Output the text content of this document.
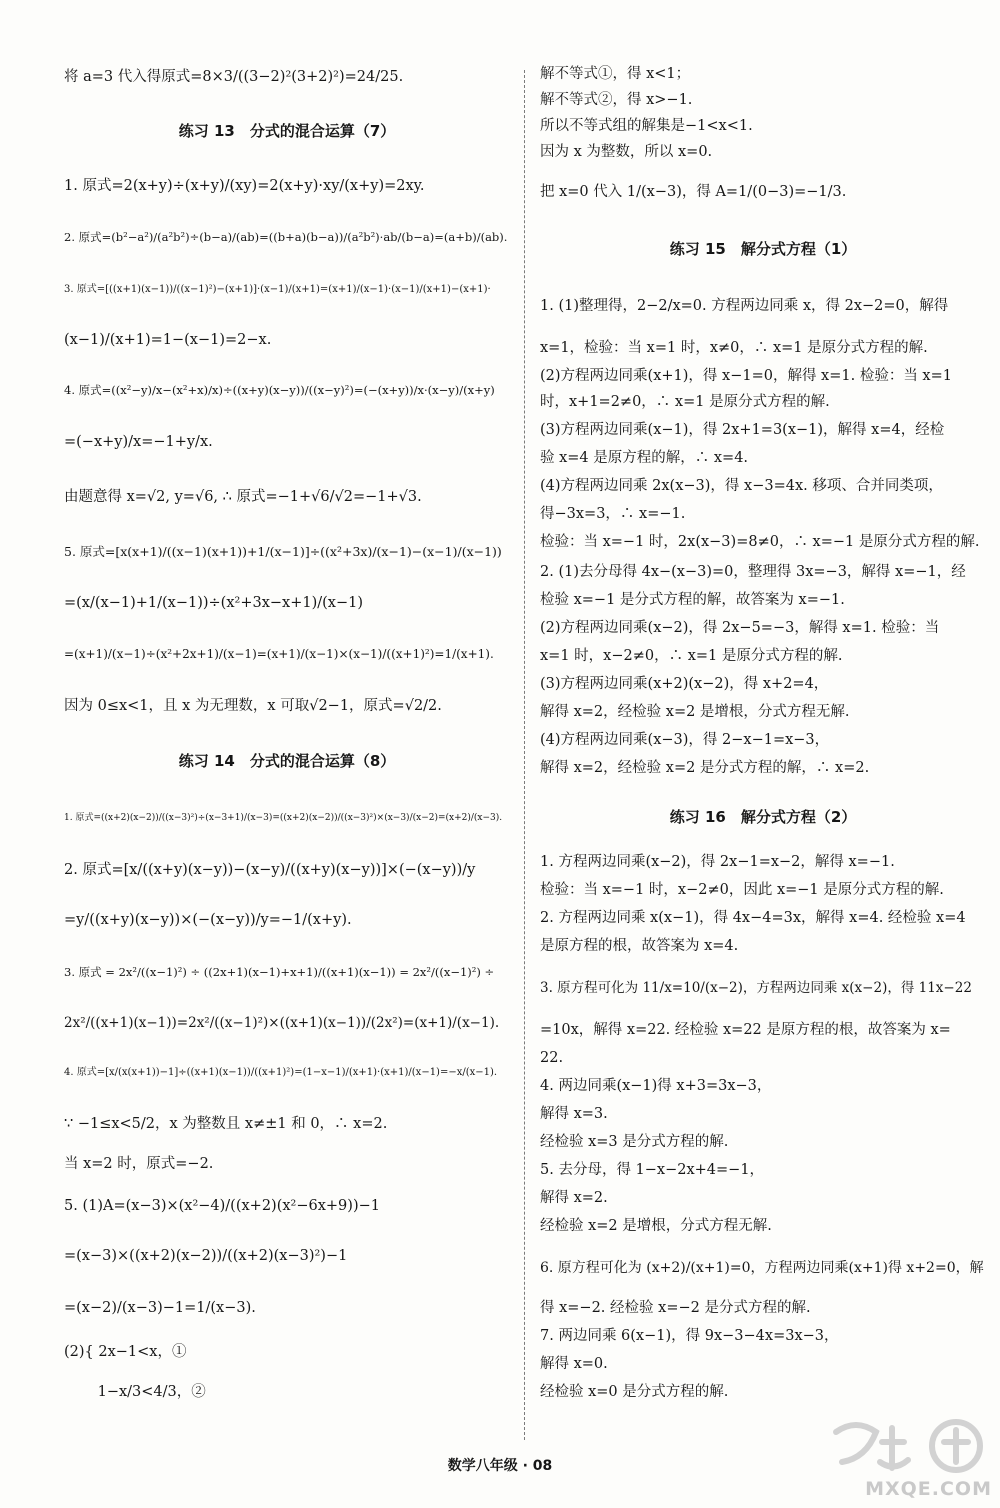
将 a=3 代入得原式=8×3/((3−2)²(3+2)²)=24/25.
练习 13　分式的混合运算（7）
1. 原式=2(x+y)÷(x+y)/(xy)=2(x+y)·xy/(x+y)=2xy.
2. 原式=(b²−a²)/(a²b²)÷(b−a)/(ab)=((b+a)(b−a))/(a²b²)·ab/(b−a)=(a+b)/(ab).
3. 原式=[((x+1)(x−1))/((x−1)²)−(x+1)]·(x−1)/(x+1)=(x+1)/(x−1)·(x−1)/(x+1)−(x+1)·
(x−1)/(x+1)=1−(x−1)=2−x.
4. 原式=((x²−y)/x−(x²+x)/x)÷((x+y)(x−y))/((x−y)²)=(−(x+y))/x·(x−y)/(x+y)
=(−x+y)/x=−1+y/x.
由题意得 x=√2, y=√6, ∴ 原式=−1+√6/√2=−1+√3.
5. 原式=[x(x+1)/((x−1)(x+1))+1/(x−1)]÷((x²+3x)/(x−1)−(x−1)/(x−1))
=(x/(x−1)+1/(x−1))÷(x²+3x−x+1)/(x−1)
=(x+1)/(x−1)÷(x²+2x+1)/(x−1)=(x+1)/(x−1)×(x−1)/((x+1)²)=1/(x+1).
因为 0≤x<1，且 x 为无理数，x 可取√2−1，原式=√2/2.
练习 14　分式的混合运算（8）
1. 原式=((x+2)(x−2))/((x−3)²)÷(x−3+1)/(x−3)=((x+2)(x−2))/((x−3)²)×(x−3)/(x−2)=(x+2)/(x−3).
2. 原式=[x/((x+y)(x−y))−(x−y)/((x+y)(x−y))]×(−(x−y))/y
=y/((x+y)(x−y))×(−(x−y))/y=−1/(x+y).
3. 原式 = 2x²/((x−1)²) ÷ ((2x+1)(x−1)+x+1)/((x+1)(x−1)) = 2x²/((x−1)²) ÷
2x²/((x+1)(x−1))=2x²/((x−1)²)×((x+1)(x−1))/(2x²)=(x+1)/(x−1).
4. 原式=[x/(x(x+1))−1]÷((x+1)(x−1))/((x+1)²)=(1−x−1)/(x+1)·(x+1)/(x−1)=−x/(x−1).
∵ −1≤x<5/2，x 为整数且 x≠±1 和 0，∴ x=2.
当 x=2 时，原式=−2.
5. (1)A=(x−3)×(x²−4)/((x+2)(x²−6x+9))−1
=(x−3)×((x+2)(x−2))/((x+2)(x−3)²)−1
=(x−2)/(x−3)−1=1/(x−3).
(2){ 2x−1<x，①
　　 1−x/3<4/3，②
解不等式①，得 x<1；
解不等式②，得 x>−1.
所以不等式组的解集是−1<x<1.
因为 x 为整数，所以 x=0.
把 x=0 代入 1/(x−3)，得 A=1/(0−3)=−1/3.
练习 15　解分式方程（1）
1. (1)整理得，2−2/x=0. 方程两边同乘 x，得 2x−2=0，解得
x=1，检验：当 x=1 时，x≠0，∴ x=1 是原分式方程的解.
(2)方程两边同乘(x+1)，得 x−1=0，解得 x=1. 检验：当 x=1
时，x+1=2≠0，∴ x=1 是原分式方程的解.
(3)方程两边同乘(x−1)，得 2x+1=3(x−1)，解得 x=4，经检
验 x=4 是原方程的解，∴ x=4.
(4)方程两边同乘 2x(x−3)，得 x−3=4x. 移项、合并同类项，
得−3x=3，∴ x=−1.
检验：当 x=−1 时，2x(x−3)=8≠0，∴ x=−1 是原分式方程的解.
2. (1)去分母得 4x−(x−3)=0，整理得 3x=−3，解得 x=−1，经
检验 x=−1 是分式方程的解，故答案为 x=−1.
(2)方程两边同乘(x−2)，得 2x−5=−3，解得 x=1. 检验：当
x=1 时，x−2≠0，∴ x=1 是原分式方程的解.
(3)方程两边同乘(x+2)(x−2)，得 x+2=4，
解得 x=2，经检验 x=2 是增根，分式方程无解.
(4)方程两边同乘(x−3)，得 2−x−1=x−3，
解得 x=2，经检验 x=2 是分式方程的解，∴ x=2.
练习 16　解分式方程（2）
1. 方程两边同乘(x−2)，得 2x−1=x−2，解得 x=−1.
检验：当 x=−1 时，x−2≠0，因此 x=−1 是原分式方程的解.
2. 方程两边同乘 x(x−1)，得 4x−4=3x，解得 x=4. 经检验 x=4
是原方程的根，故答案为 x=4.
3. 原方程可化为 11/x=10/(x−2)，方程两边同乘 x(x−2)，得 11x−22
=10x，解得 x=22. 经检验 x=22 是原方程的根，故答案为 x=
22.
4. 两边同乘(x−1)得 x+3=3x−3，
解得 x=3.
经检验 x=3 是分式方程的解.
5. 去分母，得 1−x−2x+4=−1，
解得 x=2.
经检验 x=2 是增根，分式方程无解.
6. 原方程可化为 (x+2)/(x+1)=0，方程两边同乘(x+1)得 x+2=0，解
得 x=−2. 经检验 x=−2 是分式方程的解.
7. 两边同乘 6(x−1)，得 9x−3−4x=3x−3，
解得 x=0.
经检验 x=0 是分式方程的解.
数学八年级 · 08
MXQE.COM
